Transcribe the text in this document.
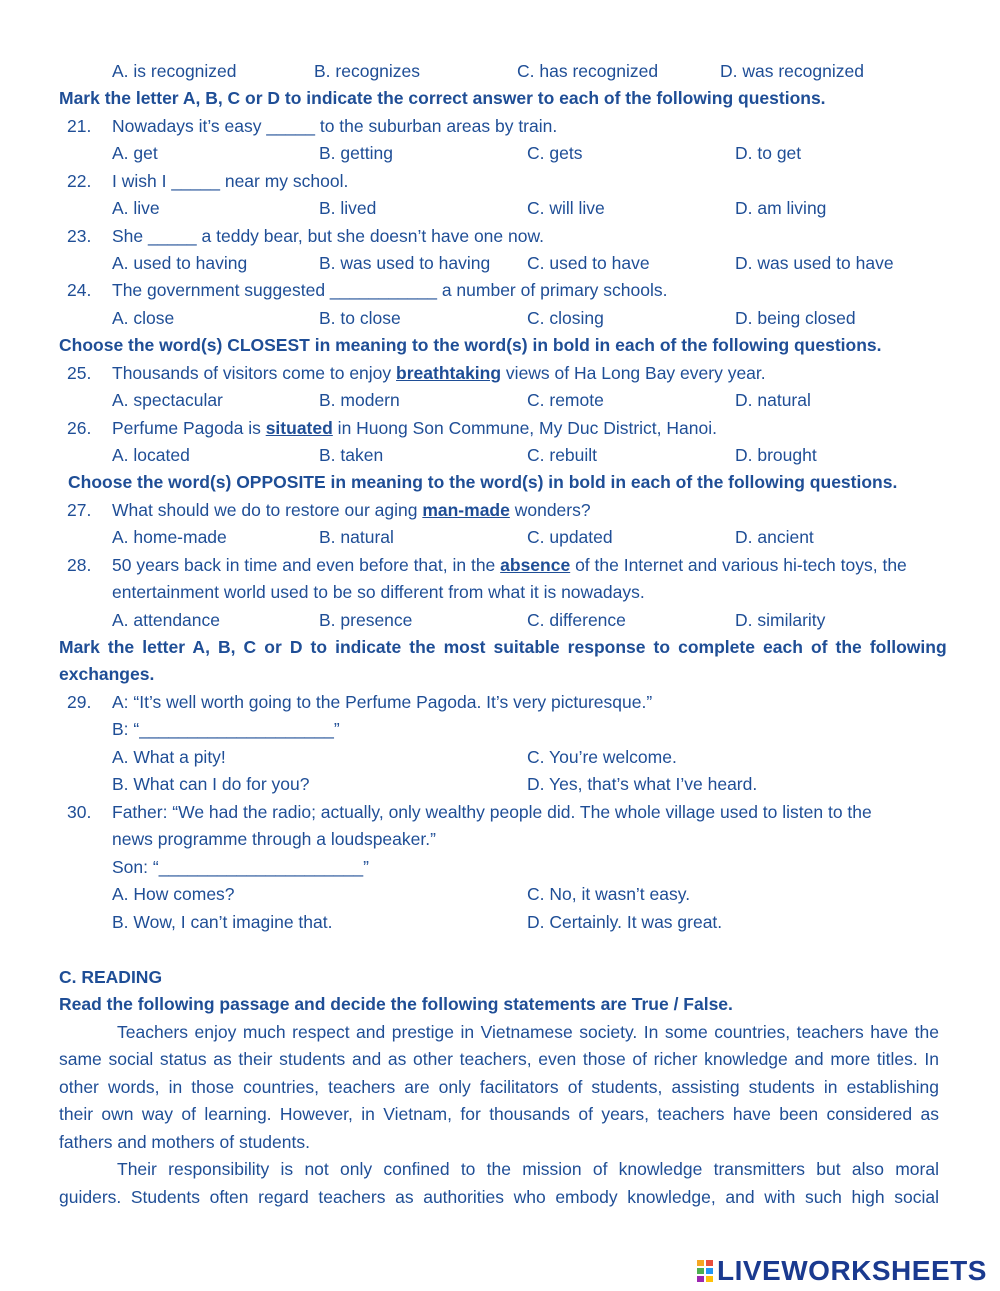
A. is recognized	B. recognizes	C. has recognized	D. was recognized
Mark the letter A, B, C or D to indicate the correct answer to each of the following questions.
21. Nowadays it’s easy _____ to the suburban areas by train.
A. get	B. getting	C. gets	D. to get
22. I wish I _____ near my school.
A. live	B. lived	C. will live	D. am living
23. She _____ a teddy bear, but she doesn’t have one now.
A. used to having	B. was used to having C. used to have	D. was used to have
24. The government suggested ___________ a number of primary schools.
A. close	B. to close	C. closing	D. being closed
Choose the word(s) CLOSEST in meaning to the word(s) in bold in each of the following questions.
25. Thousands of visitors come to enjoy breathtaking views of Ha Long Bay every year.
A. spectacular	B. modern	C. remote	D. natural
26. Perfume Pagoda is situated in Huong Son Commune, My Duc District, Hanoi.
A. located	B. taken	C. rebuilt	D. brought
Choose the word(s) OPPOSITE in meaning to the word(s) in bold in each of the following questions.
27. What should we do to restore our aging man-made wonders?
A. home-made	B. natural	C. updated	D. ancient
28. 50 years back in time and even before that, in the absence of the Internet and various hi-tech toys, the
entertainment world used to be so different from what it is nowadays.
A. attendance	B. presence	C. difference	D. similarity
Mark the letter A, B, C or D to indicate the most suitable response to complete each of the following
exchanges.
29. A: “It’s well worth going to the Perfume Pagoda. It’s very picturesque.”
B: “____________________”
A. What a pity!	C. You’re welcome.
B. What can I do for you?	D. Yes, that’s what I’ve heard.
30. Father: “We had the radio; actually, only wealthy people did. The whole village used to listen to the
news programme through a loudspeaker.”
Son: “_____________________”
A. How comes?	C. No, it wasn’t easy.
B. Wow, I can’t imagine that.	D. Certainly. It was great.
C. READING
Read the following passage and decide the following statements are True / False.
Teachers enjoy much respect and prestige in Vietnamese society. In some countries, teachers have the
same social status as their students and as other teachers, even those of richer knowledge and more titles. In
other words, in those countries, teachers are only facilitators of students, assisting students in establishing
their own way of learning. However, in Vietnam, for thousands of years, teachers have been considered as
fathers and mothers of students.
Their responsibility is not only confined to the mission of knowledge transmitters but also moral
guiders. Students often regard teachers as authorities who embody knowledge, and with such high social
LIVEWORKSHEETS
